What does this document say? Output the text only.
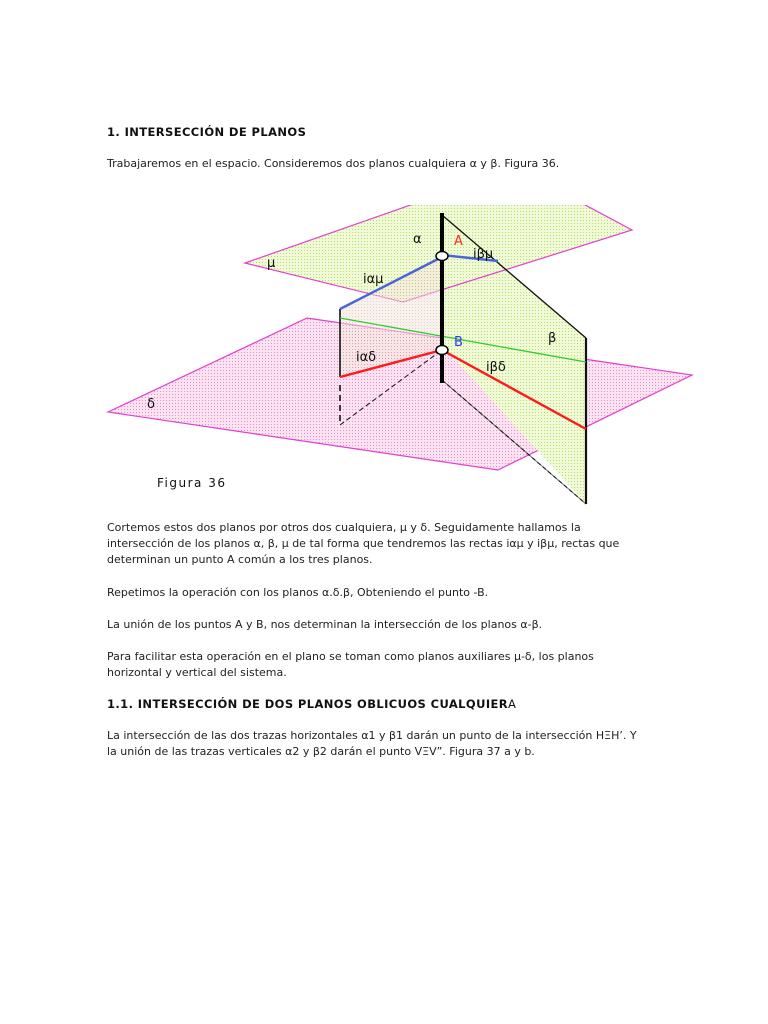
1. INTERSECCIÓN DE PLANOS
Trabajaremos en el espacio. Consideremos dos planos cualquiera α y β. Figura 36.
μ
α A
iβμ
iαμ
β
B
iαδ
iβδ
δ
Figura 36
Cortemos estos dos planos por otros dos cualquiera, μ y δ. Seguidamente hallamos la
intersección de los planos α, β, μ de tal forma que tendremos las rectas iαμ y iβμ, rectas que
determinan un punto A común a los tres planos.
Repetimos la operación con los planos α.δ.β, Obteniendo el punto -B.
La unión de los puntos A y B, nos determinan la intersección de los planos α-β.
Para facilitar esta operación en el plano se toman como planos auxiliares μ-δ, los planos
horizontal y vertical del sistema.
1.1. INTERSECCIÓN DE DOS PLANOS OBLICUOS CUALQUIERA
La intersección de las dos trazas horizontales α1 y β1 darán un punto de la intersección HΞH’. Y
la unión de las trazas verticales α2 y β2 darán el punto VΞV”. Figura 37 a y b.
